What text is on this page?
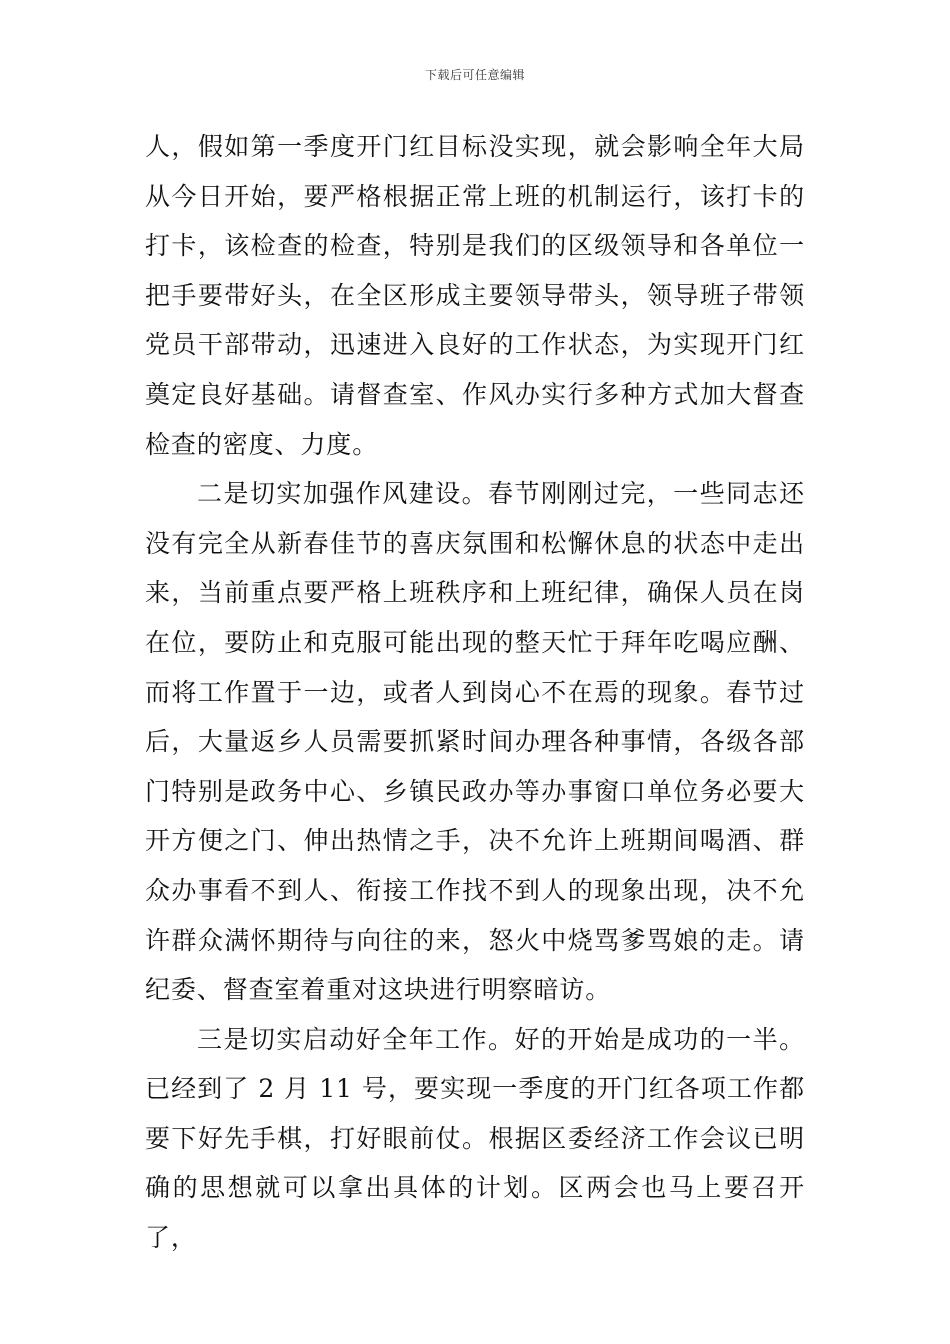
下载后可任意编辑

人，假如第一季度开门红目标没实现，就会影响全年大局从今日开始，要严格根据正常上班的机制运行，该打卡的打卡，该检查的检查，特别是我们的区级领导和各单位一把手要带好头，在全区形成主要领导带头，领导班子带领党员干部带动，迅速进入良好的工作状态，为实现开门红奠定良好基础。请督查室、作风办实行多种方式加大督查检查的密度、力度。

二是切实加强作风建设。春节刚刚过完，一些同志还没有完全从新春佳节的喜庆氛围和松懈休息的状态中走出来，当前重点要严格上班秩序和上班纪律，确保人员在岗在位，要防止和克服可能出现的整天忙于拜年吃喝应酬、而将工作置于一边，或者人到岗心不在焉的现象。春节过后，大量返乡人员需要抓紧时间办理各种事情，各级各部门特别是政务中心、乡镇民政办等办事窗口单位务必要大开方便之门、伸出热情之手，决不允许上班期间喝酒、群众办事看不到人、衔接工作找不到人的现象出现，决不允许群众满怀期待与向往的来，怒火中烧骂爹骂娘的走。请纪委、督查室着重对这块进行明察暗访。

三是切实启动好全年工作。好的开始是成功的一半。已经到了 2 月 11 号，要实现一季度的开门红各项工作都要下好先手棋，打好眼前仗。根据区委经济工作会议已明确的思想就可以拿出具体的计划。区两会也马上要召开了，
